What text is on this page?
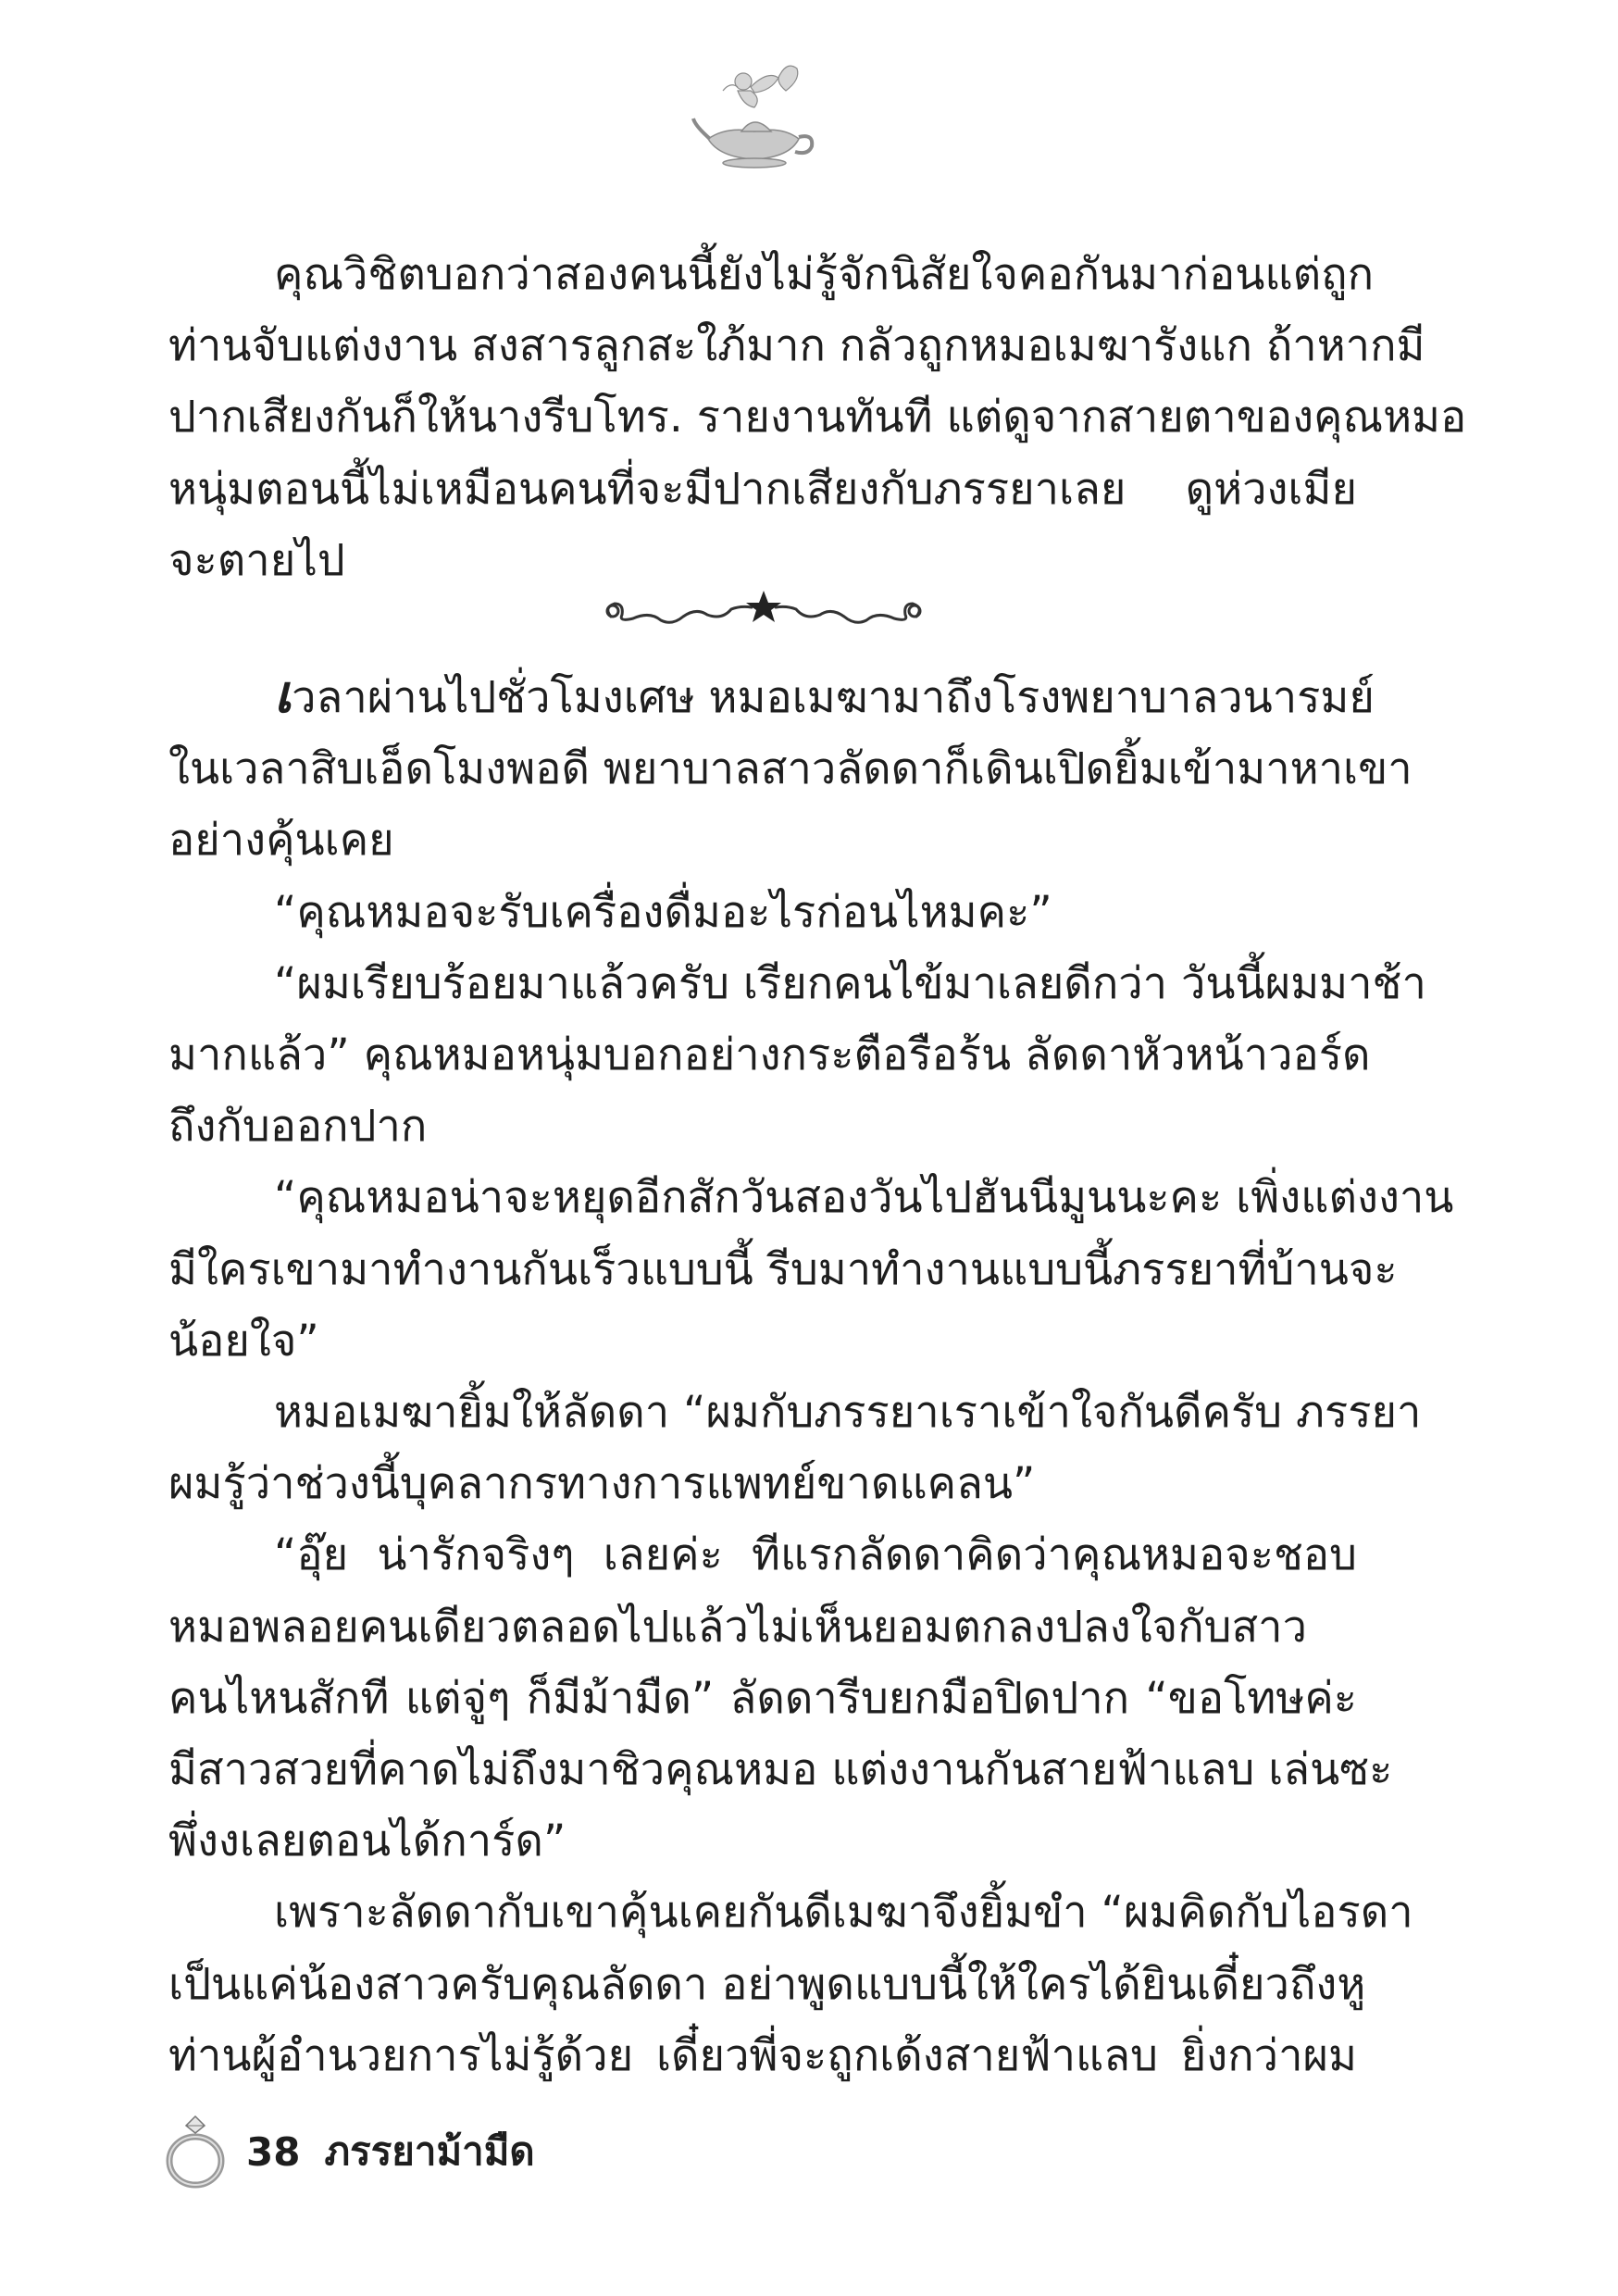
คุณวิชิตบอกว่าสองคนนี้ยังไม่รู้จักนิสัยใจคอกันมาก่อนแต่ถูก
ท่านจับแต่งงาน สงสารลูกสะใภ้มาก กลัวถูกหมอเมฆารังแก ถ้าหากมี
ปากเสียงกันก็ให้นางรีบโทร. รายงานทันที แต่ดูจากสายตาของคุณหมอ
หนุ่มตอนนี้ไม่เหมือนคนที่จะมีปากเสียงกับภรรยาเลย ดูห่วงเมีย
จะตายไป
เวลาผ่านไปชั่วโมงเศษ หมอเมฆามาถึงโรงพยาบาลวนารมย์
ในเวลาสิบเอ็ดโมงพอดี พยาบาลสาวลัดดาก็เดินเปิดยิ้มเข้ามาหาเขา
อย่างคุ้นเคย
“คุณหมอจะรับเครื่องดื่มอะไรก่อนไหมคะ”
“ผมเรียบร้อยมาแล้วครับ เรียกคนไข้มาเลยดีกว่า วันนี้ผมมาช้า
มากแล้ว” คุณหมอหนุ่มบอกอย่างกระตือรือร้น ลัดดาหัวหน้าวอร์ด
ถึงกับออกปาก
“คุณหมอน่าจะหยุดอีกสักวันสองวันไปฮันนีมูนนะคะ เพิ่งแต่งงาน
มีใครเขามาทำงานกันเร็วแบบนี้ รีบมาทำงานแบบนี้ภรรยาที่บ้านจะ
น้อยใจ”
หมอเมฆายิ้มให้ลัดดา “ผมกับภรรยาเราเข้าใจกันดีครับ ภรรยา
ผมรู้ว่าช่วงนี้บุคลากรทางการแพทย์ขาดแคลน”
“อุ๊ย น่ารักจริงๆ เลยค่ะ ทีแรกลัดดาคิดว่าคุณหมอจะชอบ
หมอพลอยคนเดียวตลอดไปแล้วไม่เห็นยอมตกลงปลงใจกับสาว
คนไหนสักที แต่จู่ๆ ก็มีม้ามืด” ลัดดารีบยกมือปิดปาก “ขอโทษค่ะ
มีสาวสวยที่คาดไม่ถึงมาชิวคุณหมอ แต่งงานกันสายฟ้าแลบ เล่นซะ
พึ่งงเลยตอนได้การ์ด”
เพราะลัดดากับเขาคุ้นเคยกันดีเมฆาจึงยิ้มขำ “ผมคิดกับไอรดา
เป็นแค่น้องสาวครับคุณลัดดา อย่าพูดแบบนี้ให้ใครได้ยินเดี๋ยวถึงหู
ท่านผู้อำนวยการไม่รู้ด้วย เดี๋ยวพี่จะถูกเด้งสายฟ้าแลบ ยิ่งกว่าผม
38 ภรรยาม้ามืด
